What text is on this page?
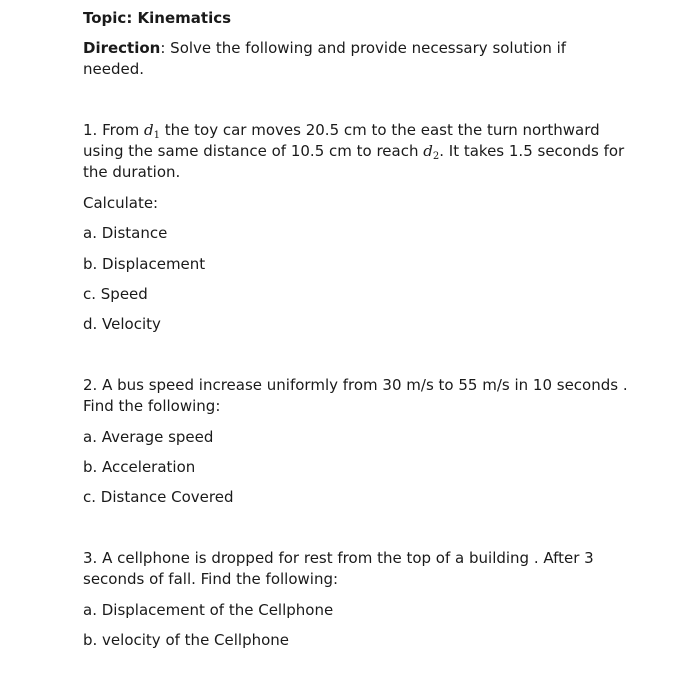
Topic: Kinematics
Direction: Solve the following and provide necessary solution if needed.

1. From $d_1$ the toy car moves 20.5 cm to the east the turn northward using the same distance of 10.5 cm to reach $d_2$. It takes 1.5 seconds for the duration.

Calculate:
a. Distance
b. Displacement
c. Speed
d. Velocity

2. A bus speed increase uniformly from 30 m/s to 55 m/s in 10 seconds . Find the following:

a. Average speed
b. Acceleration
c. Distance Covered

3. A cellphone is dropped for rest from the top of a building . After 3 seconds of fall. Find the following:

a. Displacement of the Cellphone
b. velocity of the Cellphone
